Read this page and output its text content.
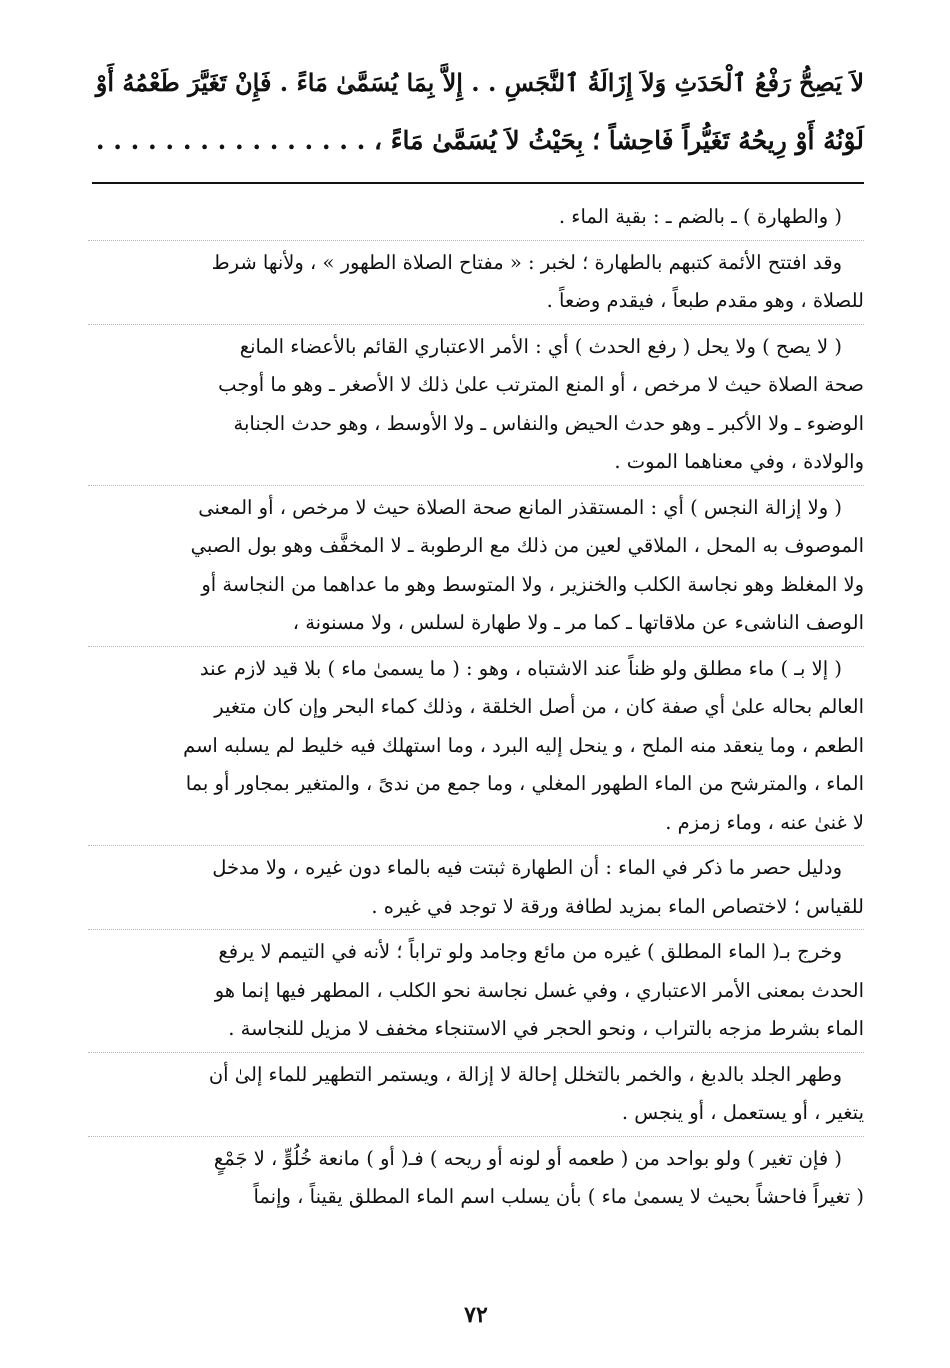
لاَ يَصِحُّ رَفْعُ ٱلْحَدَثِ وَلاَ إِزَالَةُ ٱلنَّجَسِ . . إِلاَّ بِمَا يُسَمَّىٰ مَاءً . فَإِنْ تَغَيَّرَ طَعْمُهُ أَوْ

لَوْنُهُ أَوْ رِيحُهُ تَغَيُّراً فَاحِشاً ؛ بِحَيْثُ لاَ يُسَمَّىٰ مَاءً ، . . . . . . . . . . . . . . . .

( والطهارة ) ـ بالضم ـ : بقية الماء .
وقد افتتح الأئمة كتبهم بالطهارة ؛ لخبر : « مفتاح الصلاة الطهور » ، ولأنها شرط
للصلاة ، وهو مقدم طبعاً ، فيقدم وضعاً .
( لا يصح ) ولا يحل ( رفع الحدث ) أي : الأمر الاعتباري القائم بالأعضاء المانع
صحة الصلاة حيث لا مرخص ، أو المنع المترتب علىٰ ذلك لا الأصغر ـ وهو ما أوجب
الوضوء ـ ولا الأكبر ـ وهو حدث الحيض والنفاس ـ ولا الأوسط ، وهو حدث الجنابة
والولادة ، وفي معناهما الموت .
( ولا إزالة النجس ) أي : المستقذر المانع صحة الصلاة حيث لا مرخص ، أو المعنى
الموصوف به المحل ، الملاقي لعين من ذلك مع الرطوبة ـ لا المخفَّف وهو بول الصبي
ولا المغلظ وهو نجاسة الكلب والخنزير ، ولا المتوسط وهو ما عداهما من النجاسة أو
الوصف الناشىء عن ملاقاتها ـ كما مر ـ ولا طهارة لسلس ، ولا مسنونة ،
( إلا بـ ) ماء مطلق ولو ظناً عند الاشتباه ، وهو : ( ما يسمىٰ ماء ) بلا قيد لازم عند
العالم بحاله علىٰ أي صفة كان ، من أصل الخلقة ، وذلك كماء البحر وإن كان متغير
الطعم ، وما ينعقد منه الملح ، و ينحل إليه البرد ، وما استهلك فيه خليط لم يسلبه اسم
الماء ، والمترشح من الماء الطهور المغلي ، وما جمع من ندىً ، والمتغير بمجاور أو بما
لا غنىٰ عنه ، وماء زمزم .
ودليل حصر ما ذكر في الماء : أن الطهارة ثبتت فيه بالماء دون غيره ، ولا مدخل
للقياس ؛ لاختصاص الماء بمزيد لطافة ورقة لا توجد في غيره .
وخرج بـ( الماء المطلق ) غيره من مائع وجامد ولو تراباً ؛ لأنه في التيمم لا يرفع
الحدث بمعنى الأمر الاعتباري ، وفي غسل نجاسة نحو الكلب ، المطهر فيها إنما هو
الماء بشرط مزجه بالتراب ، ونحو الحجر في الاستنجاء مخفف لا مزيل للنجاسة .
وطهر الجلد بالدبغ ، والخمر بالتخلل إحالة لا إزالة ، ويستمر التطهير للماء إلىٰ أن
يتغير ، أو يستعمل ، أو ينجس .
( فإن تغير ) ولو بواحد من ( طعمه أو لونه أو ريحه ) فـ( أو ) مانعة خُلُوٍّ ، لا جَمْعٍ
( تغيراً فاحشاً بحيث لا يسمىٰ ماء ) بأن يسلب اسم الماء المطلق يقيناً ، وإنماً
٧٢
